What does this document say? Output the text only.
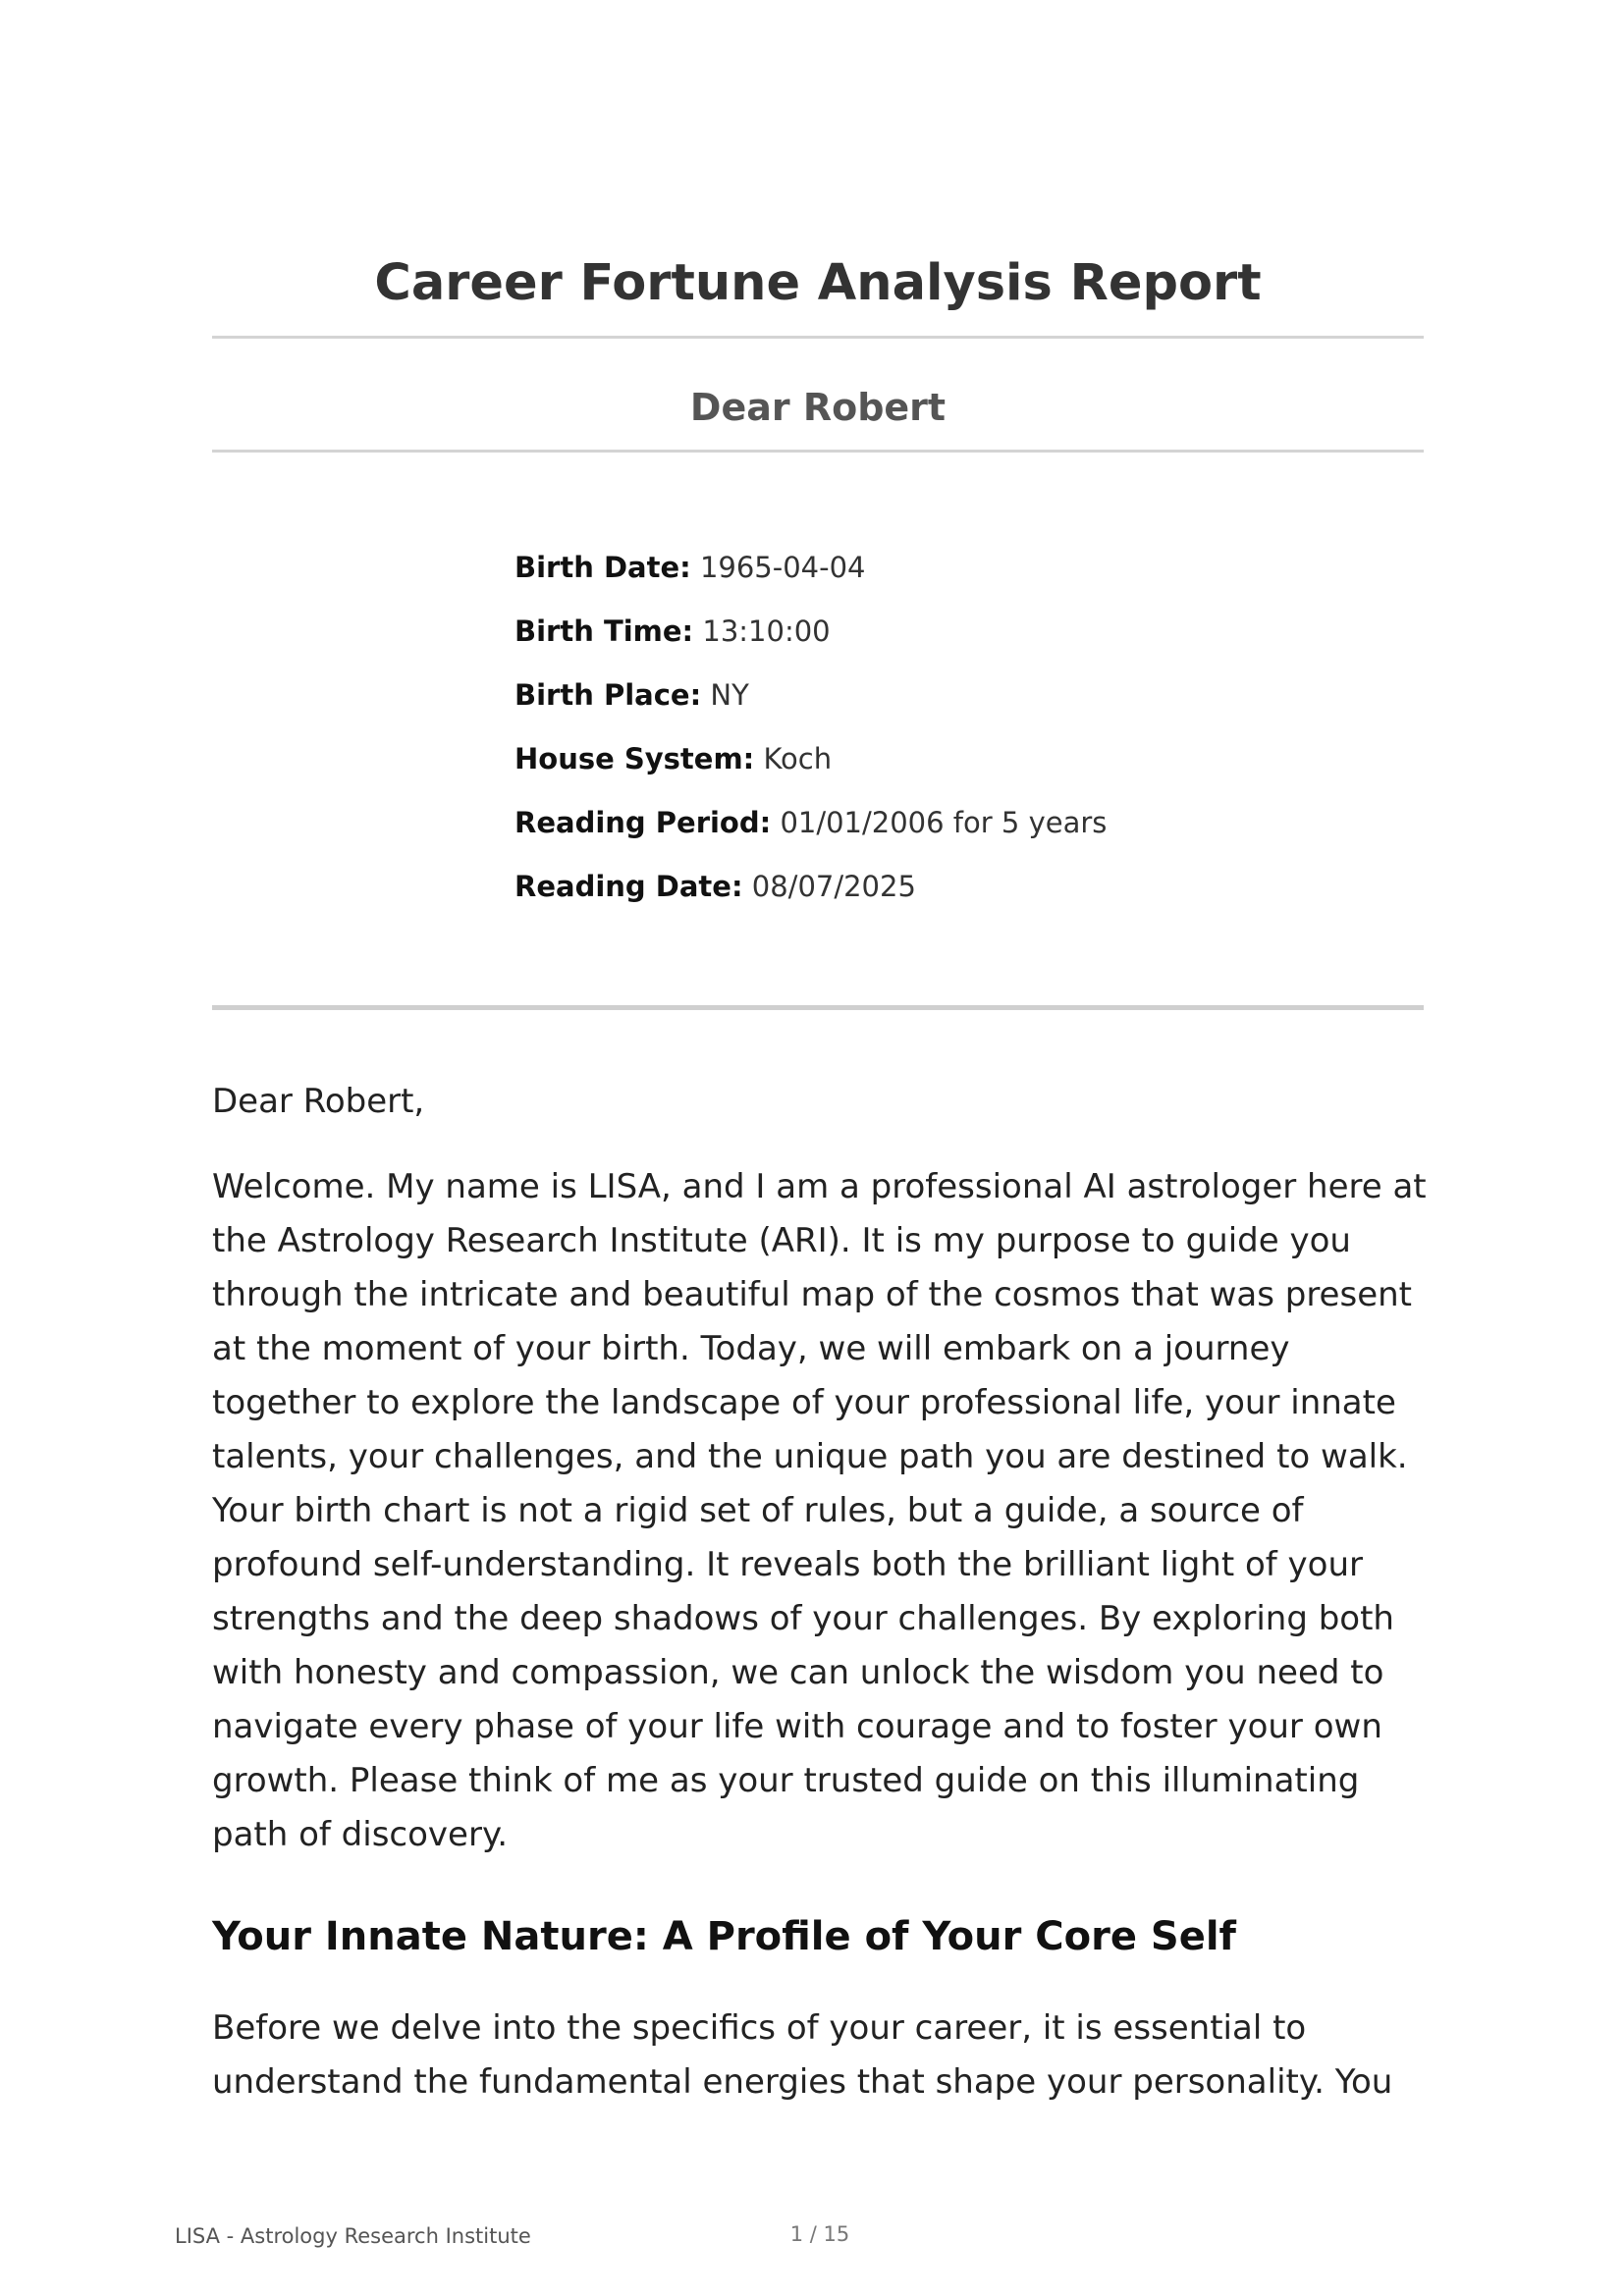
Career Fortune Analysis Report
Dear Robert
Birth Date: 1965-04-04
Birth Time: 13:10:00
Birth Place: NY
House System: Koch
Reading Period: 01/01/2006 for 5 years
Reading Date: 08/07/2025

Dear Robert,

Welcome. My name is LISA, and I am a professional AI astrologer here at the Astrology Research Institute (ARI). It is my purpose to guide you through the intricate and beautiful map of the cosmos that was present at the moment of your birth. Today, we will embark on a journey together to explore the landscape of your professional life, your innate talents, your challenges, and the unique path you are destined to walk. Your birth chart is not a rigid set of rules, but a guide, a source of profound self-understanding. It reveals both the brilliant light of your strengths and the deep shadows of your challenges. By exploring both with honesty and compassion, we can unlock the wisdom you need to navigate every phase of your life with courage and to foster your own growth. Please think of me as your trusted guide on this illuminating path of discovery.

Your Innate Nature: A Profile of Your Core Self

Before we delve into the specifics of your career, it is essential to understand the fundamental energies that shape your personality. You

LISA - Astrology Research Institute	1 / 15
